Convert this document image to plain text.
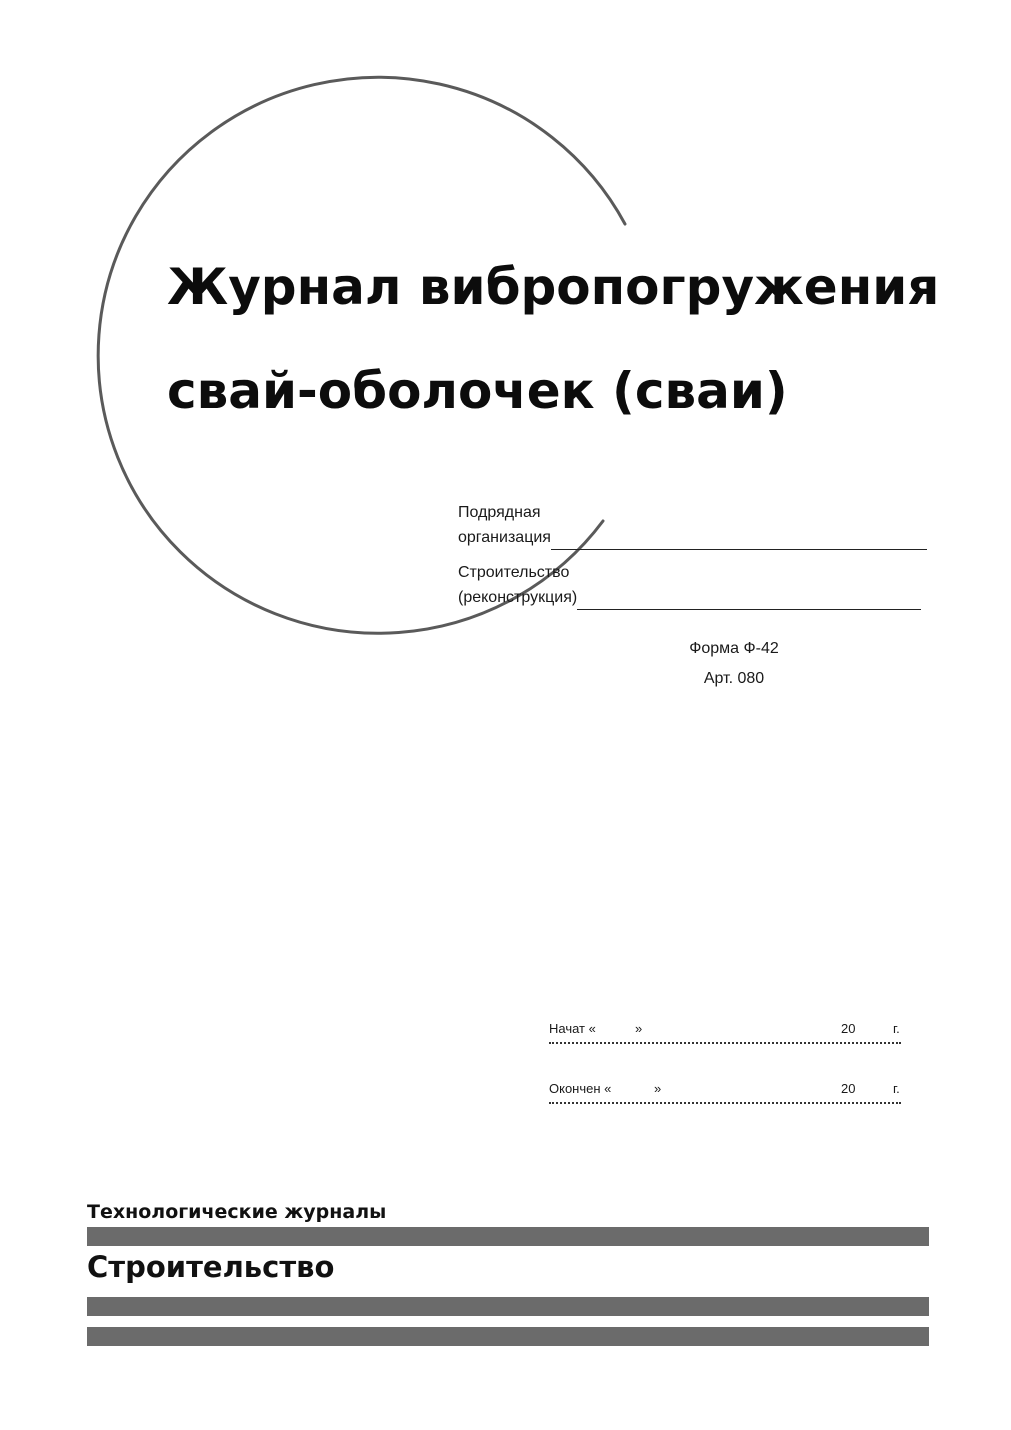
Журнал вибропогружения
свай-оболочек (сваи)
Подрядная
организация
Строительство
(реконструкция)
Форма Ф-42
Арт. 080
Начат «	»	20	г.
Окончен «	»	20	г.
Технологические журналы
Строительство
